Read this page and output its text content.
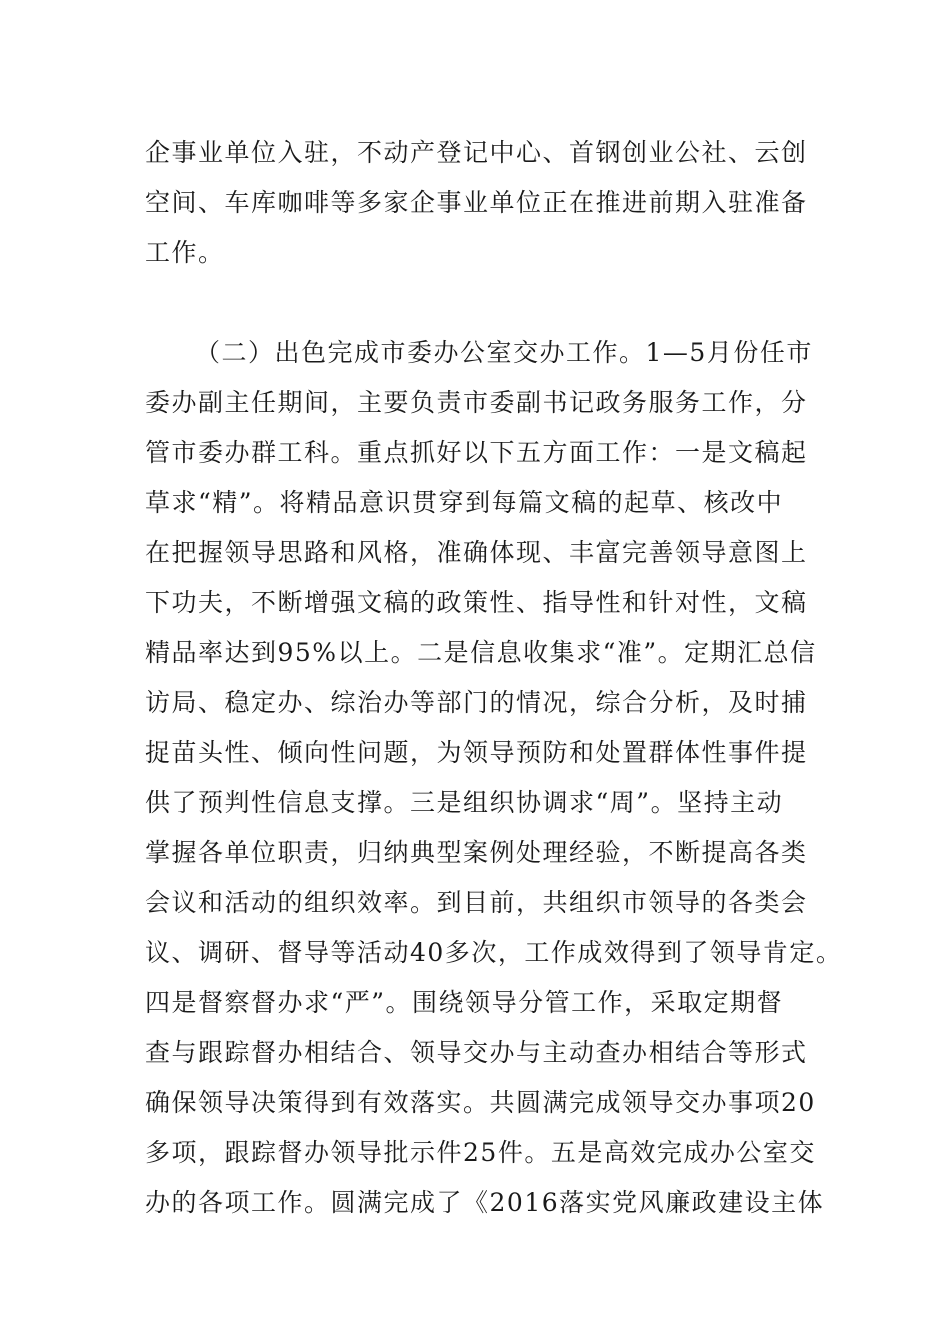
企事业单位入驻，不动产登记中心、首钢创业公社、云创
空间、车库咖啡等多家企事业单位正在推进前期入驻准备
工作。
（二）出色完成市委办公室交办工作。1—5月份任市
委办副主任期间，主要负责市委副书记政务服务工作，分
管市委办群工科。重点抓好以下五方面工作：一是文稿起
草求“精”。将精品意识贯穿到每篇文稿的起草、核改中
在把握领导思路和风格，准确体现、丰富完善领导意图上
下功夫，不断增强文稿的政策性、指导性和针对性，文稿
精品率达到95%以上。二是信息收集求“准”。定期汇总信
访局、稳定办、综治办等部门的情况，综合分析，及时捕
捉苗头性、倾向性问题，为领导预防和处置群体性事件提
供了预判性信息支撑。三是组织协调求“周”。坚持主动
掌握各单位职责，归纳典型案例处理经验，不断提高各类
会议和活动的组织效率。到目前，共组织市领导的各类会
议、调研、督导等活动40多次，工作成效得到了领导肯定。
四是督察督办求“严”。围绕领导分管工作，采取定期督
查与跟踪督办相结合、领导交办与主动查办相结合等形式
确保领导决策得到有效落实。共圆满完成领导交办事项20
多项，跟踪督办领导批示件25件。五是高效完成办公室交
办的各项工作。圆满完成了《2016落实党风廉政建设主体
